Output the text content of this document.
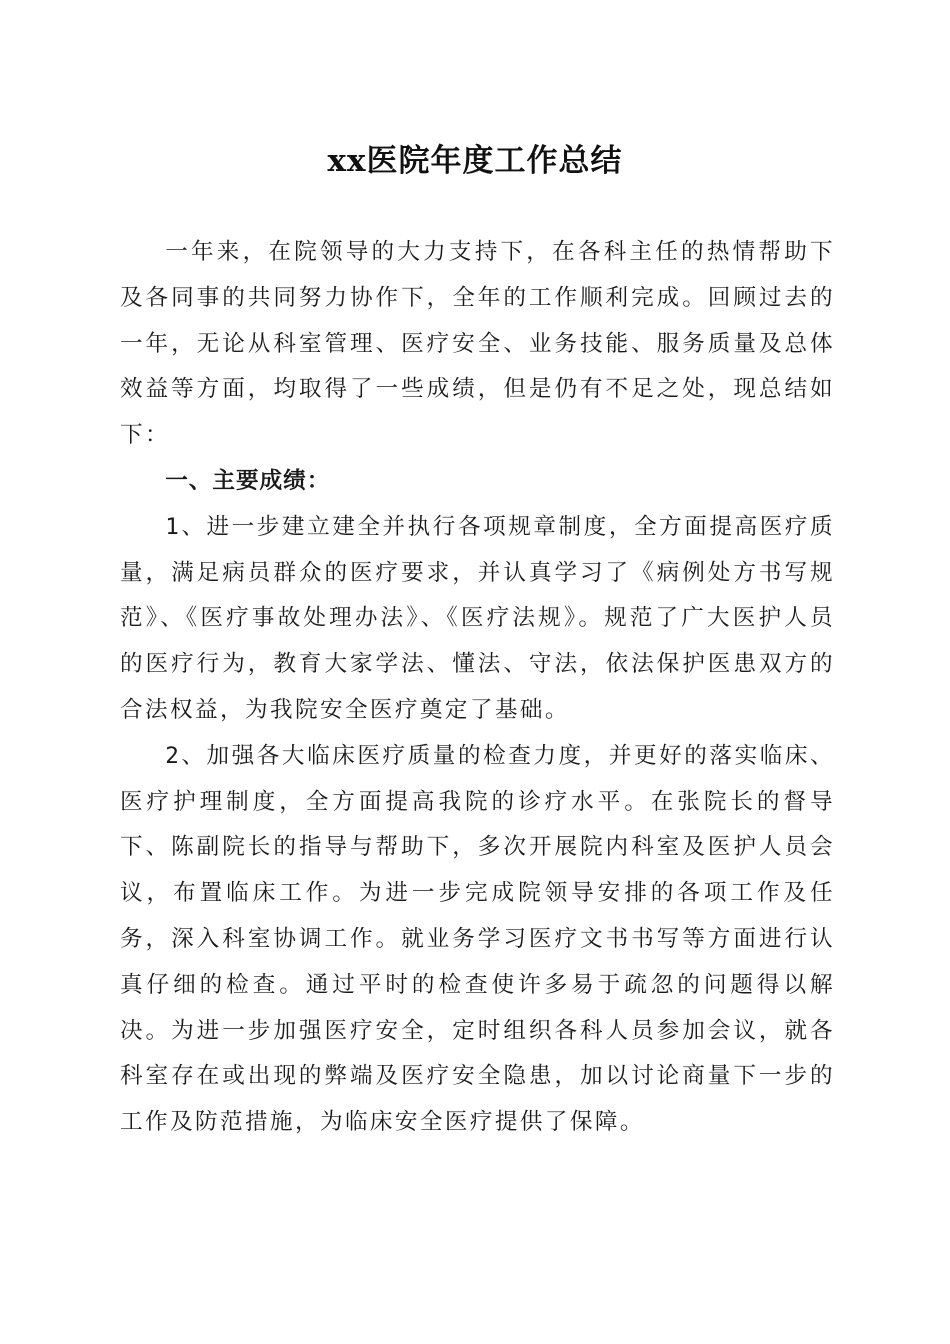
xx医院年度工作总结

一年来，在院领导的大力支持下，在各科主任的热情帮助下及各同事的共同努力协作下，全年的工作顺利完成。回顾过去的一年，无论从科室管理、医疗安全、业务技能、服务质量及总体效益等方面，均取得了一些成绩，但是仍有不足之处，现总结如下：

一、主要成绩：

1、进一步建立建全并执行各项规章制度，全方面提高医疗质量，满足病员群众的医疗要求，并认真学习了《病例处方书写规范》、《医疗事故处理办法》、《医疗法规》。规范了广大医护人员的医疗行为，教育大家学法、懂法、守法，依法保护医患双方的合法权益，为我院安全医疗奠定了基础。

2、加强各大临床医疗质量的检查力度，并更好的落实临床、医疗护理制度，全方面提高我院的诊疗水平。在张院长的督导下、陈副院长的指导与帮助下，多次开展院内科室及医护人员会议，布置临床工作。为进一步完成院领导安排的各项工作及任务，深入科室协调工作。就业务学习医疗文书书写等方面进行认真仔细的检查。通过平时的检查使许多易于疏忽的问题得以解决。为进一步加强医疗安全，定时组织各科人员参加会议，就各科室存在或出现的弊端及医疗安全隐患，加以讨论商量下一步的工作及防范措施，为临床安全医疗提供了保障。
